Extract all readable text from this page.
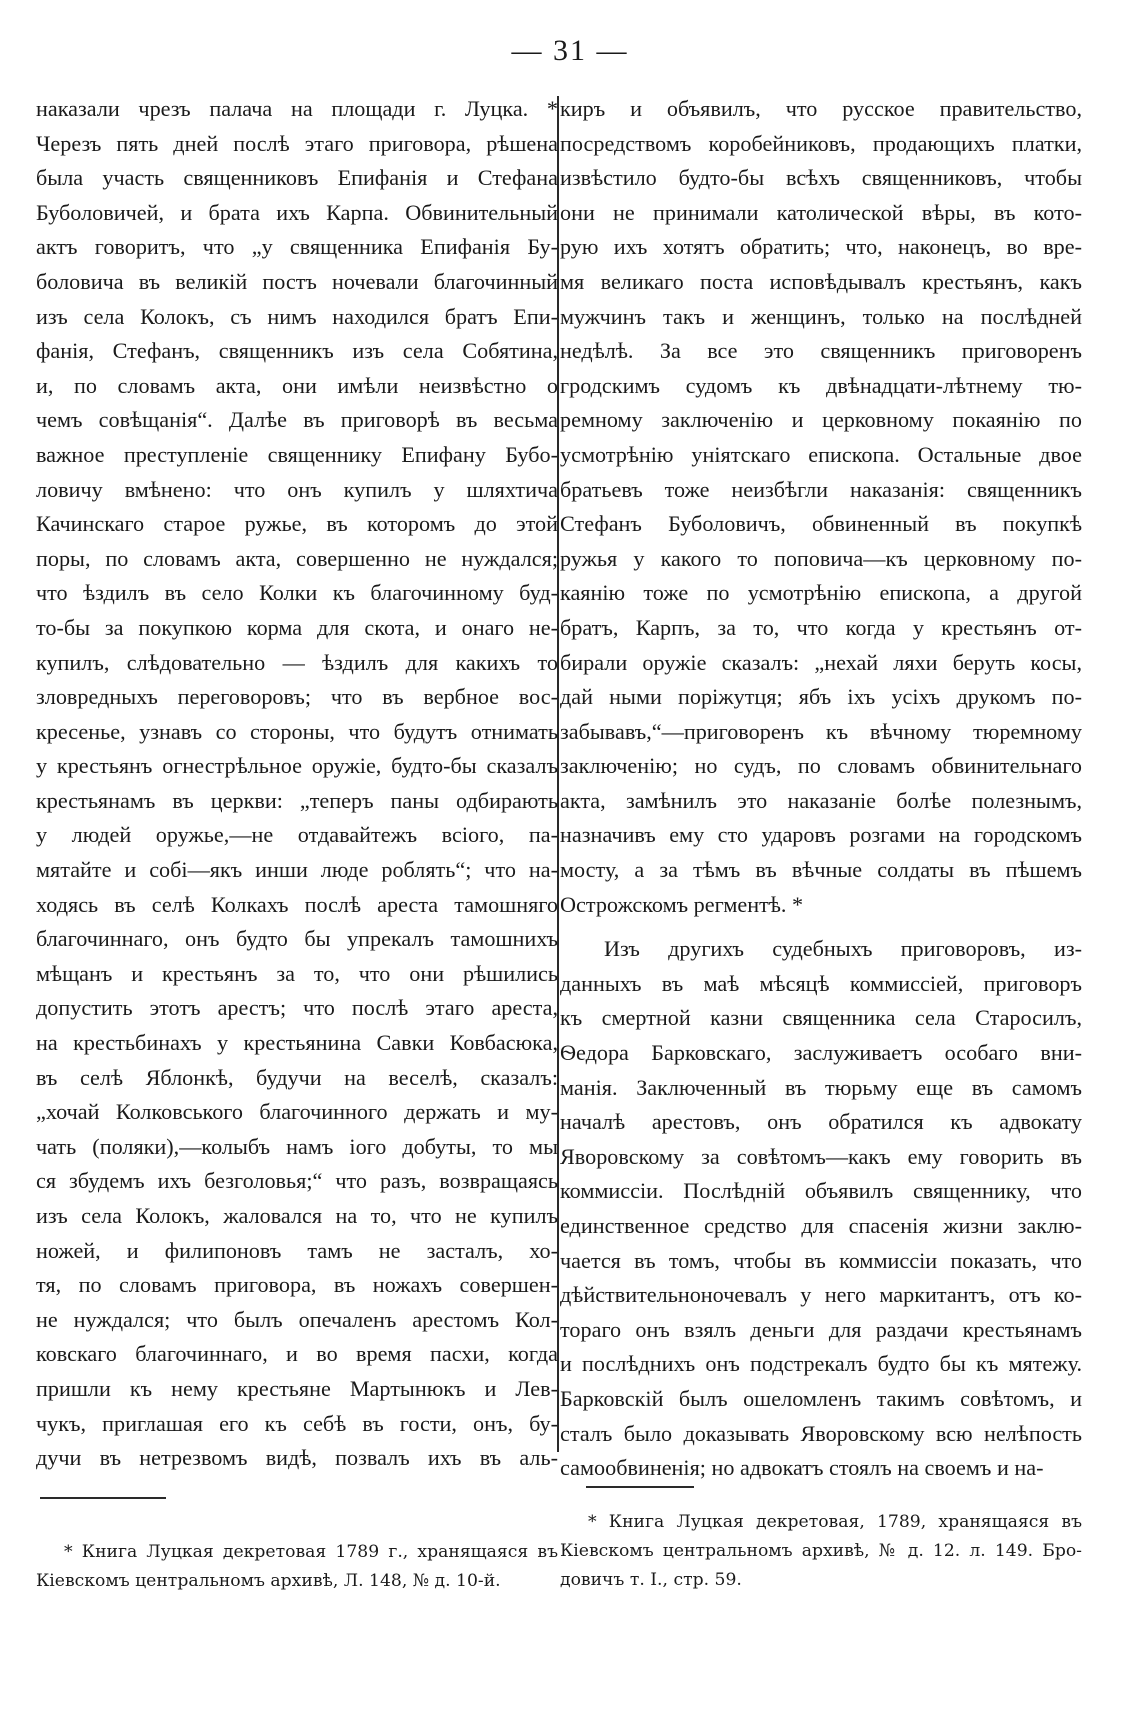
— 31 —
наказали чрезъ палача на площади г. Луцка. *
Черезъ пять дней послѣ этаго приговора, рѣшена
была участь священниковъ Епифанія и Стефана
Буболовичей, и брата ихъ Карпа. Обвинительный
актъ говоритъ, что „у священника Епифанія Бу-
боловича въ великій постъ ночевали благочинный
изъ села Колокъ, съ нимъ находился братъ Епи-
фанія, Стефанъ, священникъ изъ села Собятина,
и, по словамъ акта, они имѣли неизвѣстно о
чемъ совѣщанія“. Далѣе въ приговорѣ въ весьма
важное преступленіе священнику Епифану Бубо-
ловичу вмѣнено: что онъ купилъ у шляхтича
Качинскаго старое ружье, въ которомъ до этой
поры, по словамъ акта, совершенно не нуждался;
что ѣздилъ въ село Колки къ благочинному буд-
то-бы за покупкою корма для скота, и онаго не-
купилъ, слѣдовательно — ѣздилъ для какихъ то
зловредныхъ переговоровъ; что въ вербное вос-
кресенье, узнавъ со стороны, что будутъ отнимать
у крестьянъ огнестрѣльное оружіе, будто-бы сказалъ
крестьянамъ въ церкви: „теперъ паны одбирають
у людей оружье,—не отдавайтежъ всіого, па-
мятайте и собі—якъ инши люде роблять“; что на-
ходясь въ селѣ Колкахъ послѣ ареста тамошняго
благочиннаго, онъ будто бы упрекалъ тамошнихъ
мѣщанъ и крестьянъ за то, что они рѣшились
допустить этотъ арестъ; что послѣ этаго ареста,
на крестьбинахъ у крестьянина Савки Ковбасюка,
въ селѣ Яблонкѣ, будучи на веселѣ, сказалъ:
„хочай Колковського благочинного держать и му-
чать (поляки),—колыбъ намъ іого добуты, то мы
ся збудемъ ихъ безголовья;“ что разъ, возвращаясь
изъ села Колокъ, жаловался на то, что не купилъ
ножей, и филипоновъ тамъ не засталъ, хо-
тя, по словамъ приговора, въ ножахъ совершен-
не нуждался; что былъ опечаленъ арестомъ Кол-
ковскаго благочиннаго, и во время пасхи, когда
пришли къ нему крестьяне Мартынюкъ и Лев-
чукъ, приглашая его къ себѣ въ гости, онъ, бу-
дучи въ нетрезвомъ видѣ, позвалъ ихъ въ аль-
киръ и объявилъ, что русское правительство,
посредствомъ коробейниковъ, продающихъ платки,
извѣстило будто-бы всѣхъ священниковъ, чтобы
они не принимали католической вѣры, въ кото-
рую ихъ хотятъ обратить; что, наконецъ, во вре-
мя великаго поста исповѣдывалъ крестьянъ, какъ
мужчинъ такъ и женщинъ, только на послѣдней
недѣлѣ. За все это священникъ приговоренъ
гродскимъ судомъ къ двѣнадцати-лѣтнему тю-
ремному заключенію и церковному покаянію по
усмотрѣнію уніятскаго епископа. Остальные двое
братьевъ тоже неизбѣгли наказанія: священникъ
Стефанъ Буболовичъ, обвиненный въ покупкѣ
ружья у какого то поповича—къ церковному по-
каянію тоже по усмотрѣнію епископа, а другой
братъ, Карпъ, за то, что когда у крестьянъ от-
бирали оружіе сказалъ: „нехай ляхи беруть косы,
дай ными поріжутця; ябъ іхъ усіхъ друкомъ по-
забывавъ,“—приговоренъ къ вѣчному тюремному
заключенію; но судъ, по словамъ обвинительнаго
акта, замѣнилъ это наказаніе болѣе полезнымъ,
назначивъ ему сто ударовъ розгами на городскомъ
мосту, а за тѣмъ въ вѣчные солдаты въ пѣшемъ
Острожскомъ регментѣ. *
Изъ другихъ судебныхъ приговоровъ, из-
данныхъ въ маѣ мѣсяцѣ коммиссіей, приговоръ
къ смертной казни священника села Старосилъ,
Ѳедора Барковскаго, заслуживаетъ особаго вни-
манія. Заключенный въ тюрьму еще въ самомъ
началѣ арестовъ, онъ обратился къ адвокату
Яворовскому за совѣтомъ—какъ ему говорить въ
коммиссіи. Послѣдній объявилъ священнику, что
единственное средство для спасенія жизни заклю-
чается въ томъ, чтобы въ коммиссіи показать, что
дѣйствительноночевалъ у него маркитантъ, отъ ко-
тораго онъ взялъ деньги для раздачи крестьянамъ
и послѣднихъ онъ подстрекалъ будто бы къ мятежу.
Барковскій былъ ошеломленъ такимъ совѣтомъ, и
сталъ было доказывать Яворовскому всю нелѣпость
самообвиненія; но адвокатъ стоялъ на своемъ и на-
* Книга Луцкая декретовая 1789 г., хранящаяся въ
Кіевскомъ центральномъ архивѣ, Л. 148, № д. 10-й.
* Книга Луцкая декретовая, 1789, хранящаяся въ
Кіевскомъ центральномъ архивѣ, № д. 12. л. 149. Бро-
довичъ т. І., стр. 59.
